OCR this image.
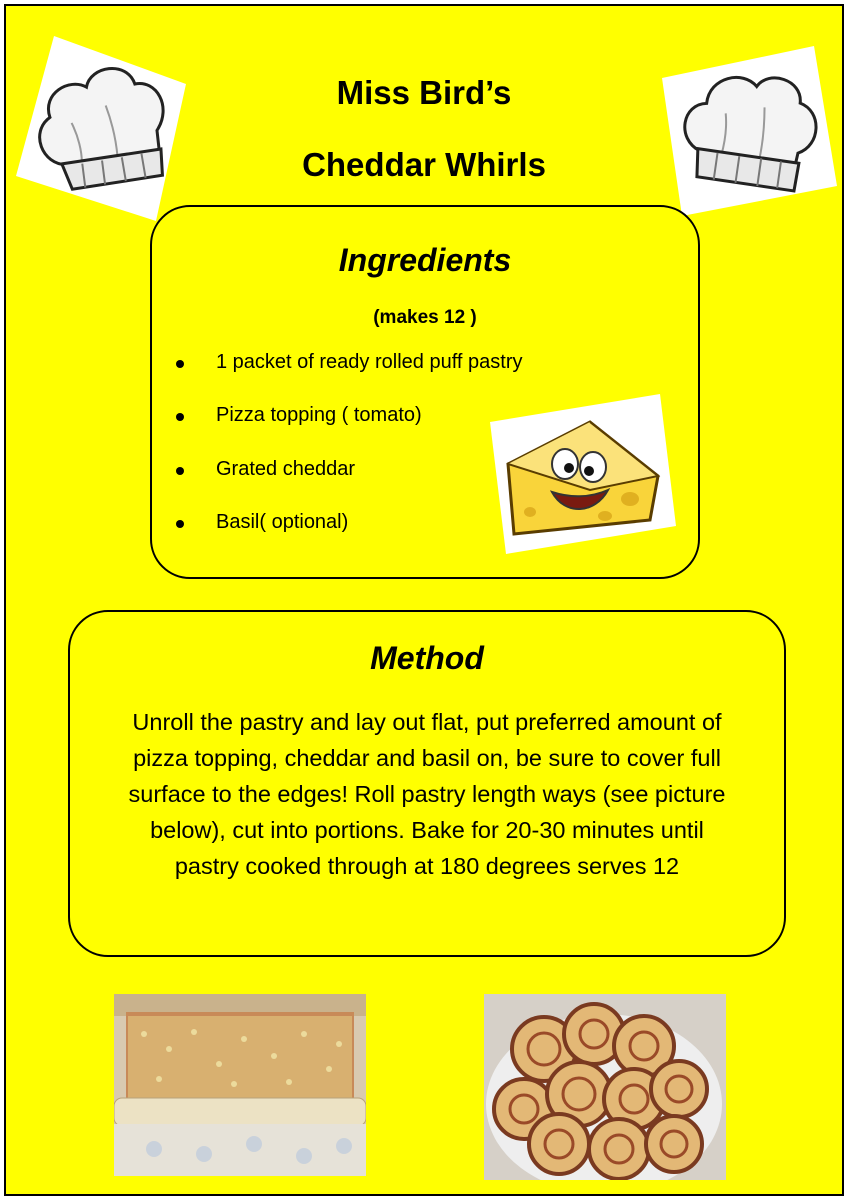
Miss Bird’s
Cheddar Whirls
Ingredients
(makes 12 )
1 packet of ready rolled puff pastry
Pizza topping ( tomato)
Grated cheddar
Basil( optional)
Method
Unroll the pastry and lay out flat, put preferred amount of
pizza topping, cheddar and basil on, be sure to cover full
surface to the edges! Roll pastry length ways (see picture
below), cut into portions. Bake for 20-30 minutes until
pastry cooked through at 180 degrees serves 12
